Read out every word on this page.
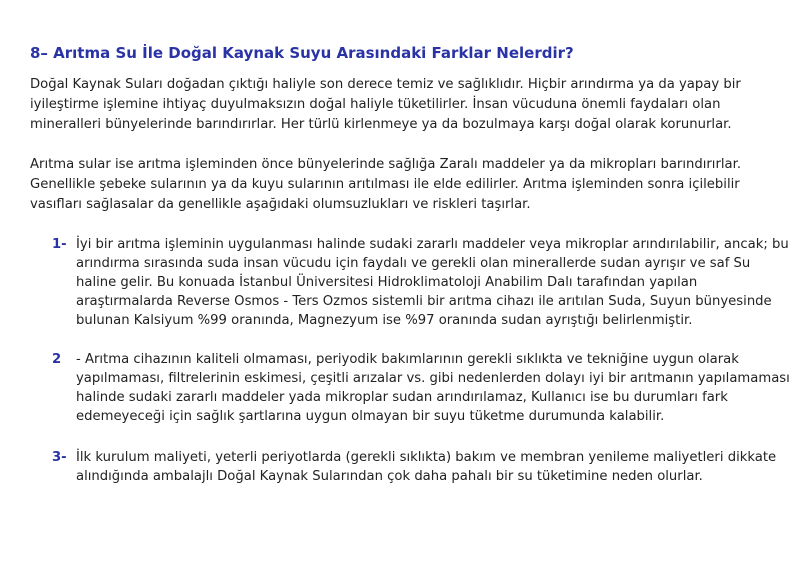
8– Arıtma Su İle Doğal Kaynak Suyu Arasındaki Farklar Nelerdir?

Doğal Kaynak Suları doğadan çıktığı haliyle son derece temiz ve sağlıklıdır. Hiçbir arındırma ya da yapay bir iyileştirme işlemine ihtiyaç duyulmaksızın doğal haliyle tüketilirler. İnsan vücuduna önemli faydaları olan mineralleri bünyelerinde barındırırlar. Her türlü kirlenmeye ya da bozulmaya karşı doğal olarak korunurlar.

Arıtma sular ise arıtma işleminden önce bünyelerinde sağlığa Zaralı maddeler ya da mikropları barındırırlar. Genellikle şebeke sularının ya da kuyu sularının arıtılması ile elde edilirler. Arıtma işleminden sonra içilebilir vasıfları sağlasalar da genellikle aşağıdaki olumsuzlukları ve riskleri taşırlar.

1- İyi bir arıtma işleminin uygulanması halinde sudaki zararlı maddeler veya mikroplar arındırılabilir, ancak; bu arındırma sırasında suda insan vücudu için faydalı ve gerekli olan minerallerde sudan ayrışır ve saf Su haline gelir. Bu konuada İstanbul Üniversitesi Hidroklimatoloji Anabilim Dalı tarafından yapılan araştırmalarda Reverse Osmos - Ters Ozmos sistemli bir arıtma cihazı ile arıtılan Suda, Suyun bünyesinde bulunan Kalsiyum %99 oranında, Magnezyum ise %97 oranında sudan ayrıştığı belirlenmiştir.
2 - Arıtma cihazının kaliteli olmaması, periyodik bakımlarının gerekli sıklıkta ve tekniğine uygun olarak yapılmaması, filtrelerinin eskimesi, çeşitli arızalar vs. gibi nedenlerden dolayı iyi bir arıtmanın yapılamaması halinde sudaki zararlı maddeler yada mikroplar sudan arındırılamaz, Kullanıcı ise bu durumları fark edemeyeceği için sağlık şartlarına uygun olmayan bir suyu tüketme durumunda kalabilir.
3- İlk kurulum maliyeti, yeterli periyotlarda (gerekli sıklıkta) bakım ve membran yenileme maliyetleri dikkate alındığında ambalajlı Doğal Kaynak Sularından çok daha pahalı bir su tüketimine neden olurlar.
